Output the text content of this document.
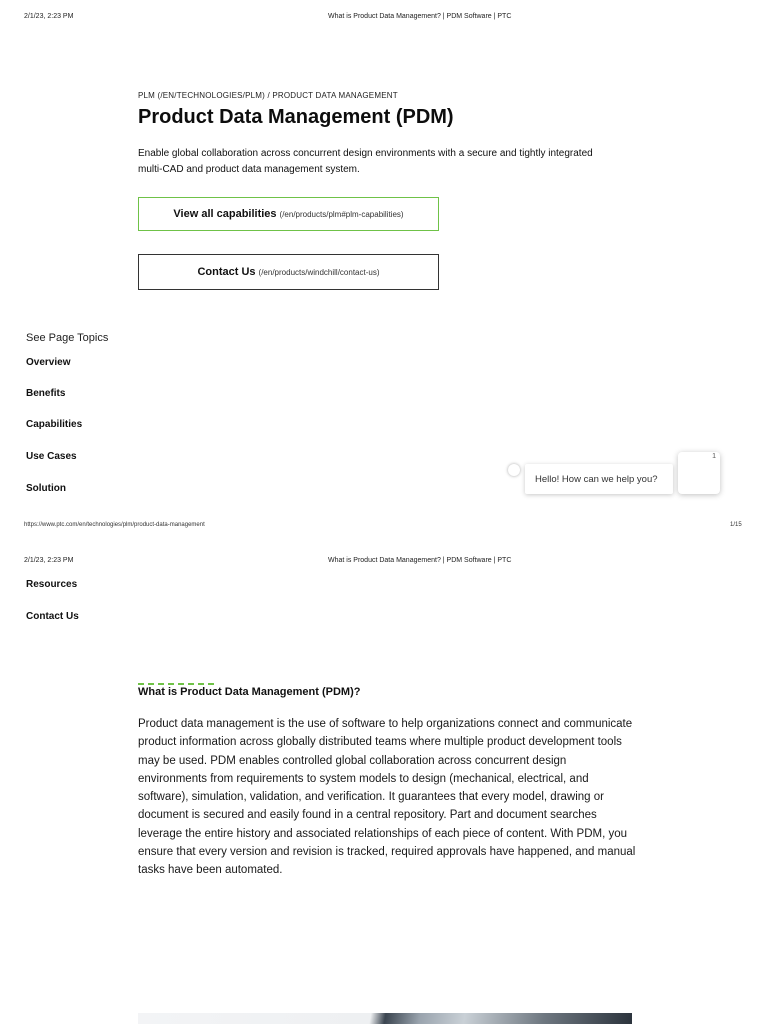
2/1/23, 2:23 PM	What is Product Data Management? | PDM Software | PTC
PLM (/EN/TECHNOLOGIES/PLM) / PRODUCT DATA MANAGEMENT
Product Data Management (PDM)

Enable global collaboration across concurrent design environments with a secure and tightly integrated multi-CAD and product data management system.

View all capabilities (/en/products/plm#plm-capabilities)
Contact Us (/en/products/windchill/contact-us)
See Page Topics
Overview
Benefits
Capabilities
Use Cases
Solution
Hello! How can we help you?
1
https://www.ptc.com/en/technologies/plm/product-data-management	1/15
2/1/23, 2:23 PM	What is Product Data Management? | PDM Software | PTC
Resources
Contact Us
What is Product Data Management (PDM)?

Product data management is the use of software to help organizations connect and communicate product information across globally distributed teams where multiple product development tools may be used. PDM enables controlled global collaboration across concurrent design environments from requirements to system models to design (mechanical, electrical, and software), simulation, validation, and verification. It guarantees that every model, drawing or document is secured and easily found in a central repository. Part and document searches leverage the entire history and associated relationships of each piece of content. With PDM, you ensure that every version and revision is tracked, required approvals have happened, and manual tasks have been automated.
